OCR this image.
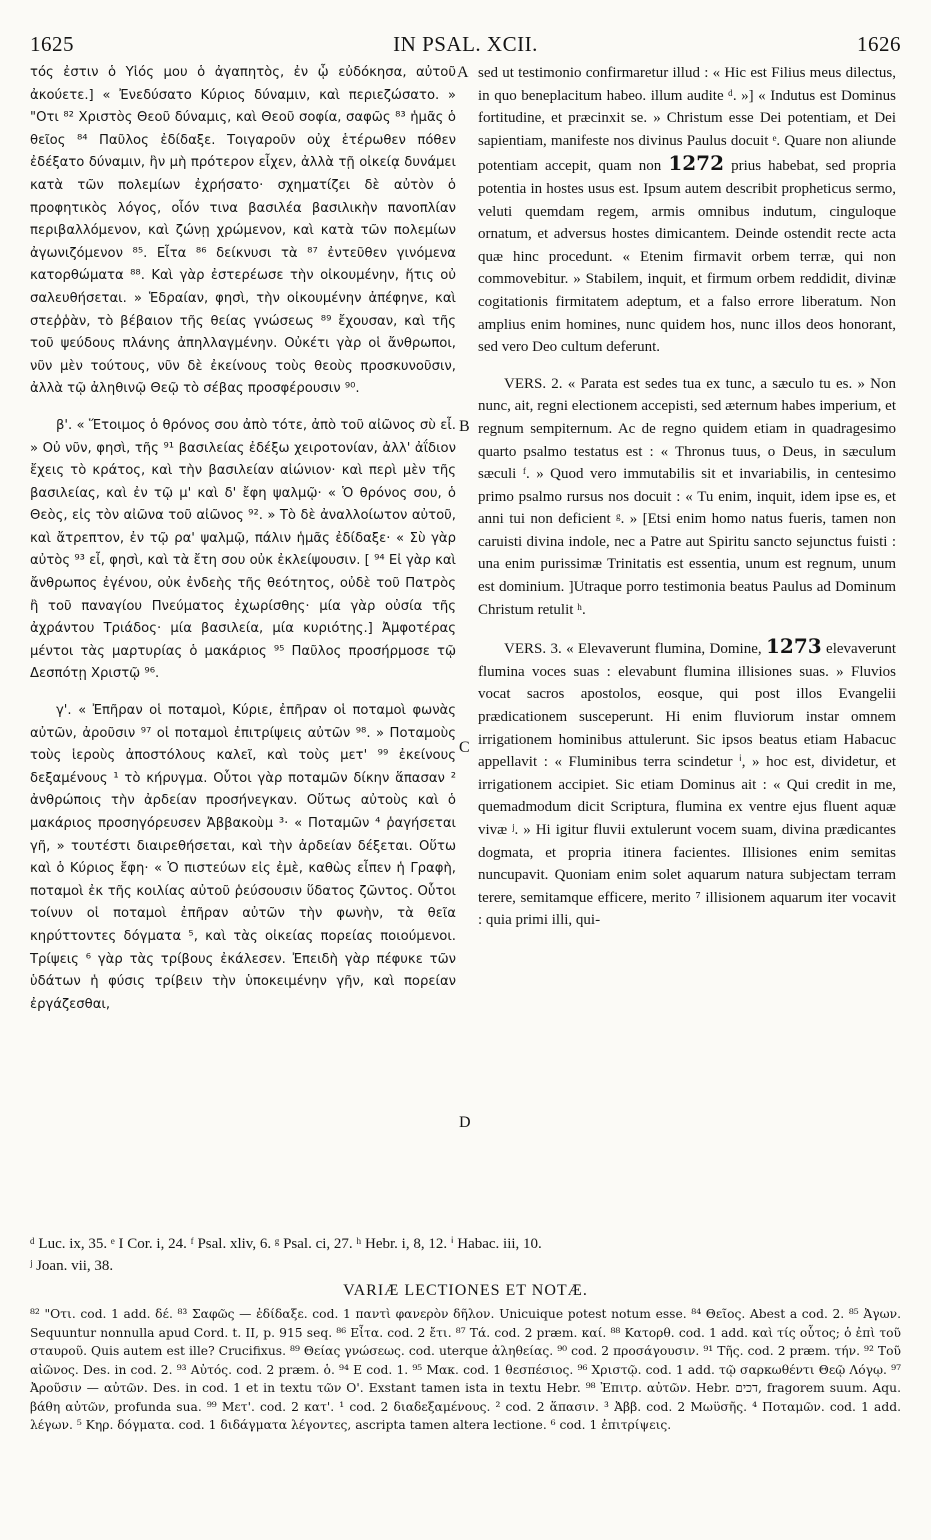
1625	IN PSAL. XCII.	1626

τός ἐστιν ὁ Υἱός μου ὁ ἀγαπητὸς, ἐν ᾧ εὐδόκησα, αὐτοῦ ἀκούετε.] « Ἐνεδύσατο Κύριος δύναμιν, καὶ περιεζώσατο. » "Οτι ⁸² Χριστὸς Θεοῦ δύναμις, καὶ Θεοῦ σοφία, σαφῶς ⁸³ ἡμᾶς ὁ θεῖος ⁸⁴ Παῦλος ἐδίδαξε. Τοιγαροῦν οὐχ ἑτέρωθεν πόθεν ἐδέξατο δύναμιν, ἣν μὴ πρότερον εἶχεν, ἀλλὰ τῇ οἰκείᾳ δυνάμει κατὰ τῶν πολεμίων ἐχρήσατο· σχηματίζει δὲ αὐτὸν ὁ προφητικὸς λόγος, οἷόν τινα βασιλέα βασιλικὴν πανοπλίαν περιβαλλόμενον, καὶ ζώνῃ χρώμενον, καὶ κατὰ τῶν πολεμίων ἀγωνιζόμενον ⁸⁵. Εἶτα ⁸⁶ δείκνυσι τὰ ⁸⁷ ἐντεῦθεν γινόμενα κατορθώματα ⁸⁸. Καὶ γὰρ ἐστερέωσε τὴν οἰκουμένην, ἥτις οὐ σαλευθήσεται. » Ἑδραίαν, φησὶ, τὴν οἰκουμένην ἀπέφηνε, καὶ στεῤῥὰν, τὸ βέβαιον τῆς θείας γνώσεως ⁸⁹ ἔχουσαν, καὶ τῆς τοῦ ψεύδους πλάνης ἀπηλλαγμένην. Οὐκέτι γὰρ οἱ ἄνθρωποι, νῦν μὲν τούτους, νῦν δὲ ἐκείνους τοὺς θεοὺς προσκυνοῦσιν, ἀλλὰ τῷ ἀληθινῷ Θεῷ τὸ σέβας προσφέρουσιν ⁹⁰.

β'. « Ἕτοιμος ὁ θρόνος σου ἀπὸ τότε, ἀπὸ τοῦ αἰῶνος σὺ εἶ. » Οὐ νῦν, φησὶ, τῆς ⁹¹ βασιλείας ἐδέξω χειροτονίαν, ἀλλ' ἀΐδιον ἔχεις τὸ κράτος, καὶ τὴν βασιλείαν αἰώνιον· καὶ περὶ μὲν τῆς βασιλείας, καὶ ἐν τῷ μ' καὶ δ' ἔφη ψαλμῷ· « Ὁ θρόνος σου, ὁ Θεὸς, εἰς τὸν αἰῶνα τοῦ αἰῶνος ⁹². » Τὸ δὲ ἀναλλοίωτον αὐτοῦ, καὶ ἄτρεπτον, ἐν τῷ ρα' ψαλμῷ, πάλιν ἡμᾶς ἐδίδαξε· « Σὺ γὰρ αὐτὸς ⁹³ εἶ, φησὶ, καὶ τὰ ἔτη σου οὐκ ἐκλείψουσιν. [ ⁹⁴ Εἰ γὰρ καὶ ἄνθρωπος ἐγένου, οὐκ ἐνδεὴς τῆς θεότητος, οὐδὲ τοῦ Πατρὸς ἢ τοῦ παναγίου Πνεύματος ἐχωρίσθης· μία γὰρ οὐσία τῆς ἀχράντου Τριάδος· μία βασιλεία, μία κυριότης.] Ἀμφοτέρας μέντοι τὰς μαρτυρίας ὁ μακάριος ⁹⁵ Παῦλος προσήρμοσε τῷ Δεσπότῃ Χριστῷ ⁹⁶.

γ'. « Ἐπῆραν οἱ ποταμοὶ, Κύριε, ἐπῆραν οἱ ποταμοὶ φωνὰς αὐτῶν, ἀροῦσιν ⁹⁷ οἱ ποταμοὶ ἐπιτρίψεις αὐτῶν ⁹⁸. » Ποταμοὺς τοὺς ἱεροὺς ἀποστόλους καλεῖ, καὶ τοὺς μετ' ⁹⁹ ἐκείνους δεξαμένους ¹ τὸ κήρυγμα. Οὗτοι γὰρ ποταμῶν δίκην ἅπασαν ² ἀνθρώποις τὴν ἀρδείαν προσήνεγκαν. Οὕτως αὐτοὺς καὶ ὁ μακάριος προσηγόρευσεν Ἀββακοὺμ ³· « Ποταμῶν ⁴ ῥαγήσεται γῆ, » τουτέστι διαιρεθήσεται, καὶ τὴν ἀρδείαν δέξεται. Οὕτω καὶ ὁ Κύριος ἔφη· « Ὁ πιστεύων εἰς ἐμὲ, καθὼς εἶπεν ἡ Γραφὴ, ποταμοὶ ἐκ τῆς κοιλίας αὐτοῦ ῥεύσουσιν ὕδατος ζῶντος. Οὗτοι τοίνυν οἱ ποταμοὶ ἐπῆραν αὐτῶν τὴν φωνὴν, τὰ θεῖα κηρύττοντες δόγματα ⁵, καὶ τὰς οἰκείας πορείας ποιούμενοι. Τρίψεις ⁶ γὰρ τὰς τρίβους ἐκάλεσεν. Ἐπειδὴ γὰρ πέφυκε τῶν ὑδάτων ἡ φύσις τρίβειν τὴν ὑποκειμένην γῆν, καὶ πορείαν ἐργάζεσθαι,

A
B
C
D

sed ut testimonio confirmaretur illud : « Hic est Filius meus dilectus, in quo beneplacitum habeo. illum audite ᵈ. »] « Indutus est Dominus fortitudine, et præcinxit se. » Christum esse Dei potentiam, et Dei sapientiam, manifeste nos divinus Paulus docuit ᵉ. Quare non aliunde potentiam accepit, quam non 1272 prius habebat, sed propria potentia in hostes usus est. Ipsum autem describit propheticus sermo, veluti quemdam regem, armis omnibus indutum, cinguloque ornatum, et adversus hostes dimicantem. Deinde ostendit recte acta quæ hinc procedunt. « Etenim firmavit orbem terræ, qui non commovebitur. » Stabilem, inquit, et firmum orbem reddidit, divinæ cogitationis firmitatem adeptum, et a falso errore liberatum. Non amplius enim homines, nunc quidem hos, nunc illos deos honorant, sed vero Deo cultum deferunt.

VERS. 2. « Parata est sedes tua ex tunc, a sæculo tu es. » Non nunc, ait, regni electionem accepisti, sed æternum habes imperium, et regnum sempiternum. Ac de regno quidem etiam in quadragesimo quarto psalmo testatus est : « Thronus tuus, o Deus, in sæculum sæculi ᶠ. » Quod vero immutabilis sit et invariabilis, in centesimo primo psalmo rursus nos docuit : « Tu enim, inquit, idem ipse es, et anni tui non deficient ᵍ. » [Etsi enim homo natus fueris, tamen non caruisti divina indole, nec a Patre aut Spiritu sancto sejunctus fuisti : una enim purissimæ Trinitatis est essentia, unum est regnum, unum est dominium. ]Utraque porro testimonia beatus Paulus ad Dominum Christum retulit ʰ.

VERS. 3. « Elevaverunt flumina, Domine, 1273 elevaverunt flumina voces suas : elevabunt flumina illisiones suas. » Fluvios vocat sacros apostolos, eosque, qui post illos Evangelii prædicationem susceperunt. Hi enim fluviorum instar omnem irrigationem hominibus attulerunt. Sic ipsos beatus etiam Habacuc appellavit : « Fluminibus terra scindetur ⁱ, » hoc est, dividetur, et irrigationem accipiet. Sic etiam Dominus ait : « Qui credit in me, quemadmodum dicit Scriptura, flumina ex ventre ejus fluent aquæ vivæ ʲ. » Hi igitur fluvii extulerunt vocem suam, divina prædicantes dogmata, et propria itinera facientes. Illisiones enim semitas nuncupavit. Quoniam enim solet aquarum natura subjectam terram terere, semitamque efficere, merito ⁷ illisionem aquarum iter vocavit : quia primi illi, qui-

ᵈ Luc. ix, 35. ᵉ I Cor. i, 24. ᶠ Psal. xliv, 6. ᵍ Psal. ci, 27. ʰ Hebr. i, 8, 12. ⁱ Habac. iii, 10.
ʲ Joan. vii, 38.
VARIÆ LECTIONES ET NOTÆ.
⁸² "Οτι. cod. 1 add. δέ. ⁸³ Σαφῶς — ἐδίδαξε. cod. 1 παντὶ φανερὸν δῆλον. Unicuique potest notum esse. ⁸⁴ Θεῖος. Abest a cod. 2. ⁸⁵ Ἀγων. Sequuntur nonnulla apud Cord. t. II, p. 915 seq. ⁸⁶ Εἶτα. cod. 2 ἔτι. ⁸⁷ Τά. cod. 2 præm. καί. ⁸⁸ Κατορθ. cod. 1 add. καὶ τίς οὗτος; ὁ ἐπὶ τοῦ σταυροῦ. Quis autem est ille? Crucifixus. ⁸⁹ Θείας γνώσεως. cod. uterque ἀληθείας. ⁹⁰ cod. 2 προσάγουσιν. ⁹¹ Τῆς. cod. 2 præm. τήν. ⁹² Τοῦ αἰῶνος. Des. in cod. 2. ⁹³ Αὐτός. cod. 2 præm. ὁ. ⁹⁴ E cod. 1. ⁹⁵ Μακ. cod. 1 θεσπέσιος. ⁹⁶ Χριστῷ. cod. 1 add. τῷ σαρκωθέντι Θεῷ Λόγῳ. ⁹⁷ Ἀροῦσιν — αὐτῶν. Des. in cod. 1 et in textu τῶν O'. Exstant tamen ista in textu Hebr. ⁹⁸ Ἐπιτρ. αὐτῶν. Hebr. דכים, fragorem suum. Aqu. βάθη αὐτῶν, profunda sua. ⁹⁹ Μετ'. cod. 2 κατ'. ¹ cod. 2 διαδεξαμένους. ² cod. 2 ἅπασιν. ³ Ἀββ. cod. 2 Μωϋσῆς. ⁴ Ποταμῶν. cod. 1 add. λέγων. ⁵ Κηρ. δόγματα. cod. 1 διδάγματα λέγοντες, ascripta tamen altera lectione. ⁶ cod. 1 ἐπιτρίψεις.
